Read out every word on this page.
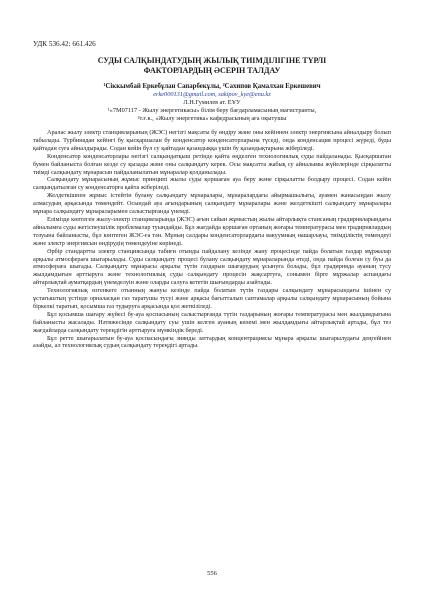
УДК 536.42: 661.426

СУДЫ САЛҚЫНДАТУДЫҢ ЖЫЛЫҚ ТИІМДІЛІГІНЕ ТҮРЛІ

ФАКТОРЛАРДЫҢ ӘСЕРІН ТАЛДАУ

¹Сіккымбай Еркебұлан Сапарбекұлы, ²Сахипов Қамалхан Еркешевич

erke000131@gmail.com, sakipov_kye@enu.kz

Л.Н.Гумилев ат. ЕҰУ

¹«7М07117 - Жылу энергетикасы» білім беру бағдарламасының магистранты,

²т.ғ.к., «Жылу энергетика» кафедрасының аға оқытушы

Аралас жылу электр станцияларының (ЖЭС) негізгі мақсаты бу өндіру және оны кейіннен электр энергиясына айналдыру болып табылады. Турбинадан кейінгі бу қысқаршалан бу конденсатор конденсаторларына түседі, онда конденсация процесі жүреді, буды қайтадан суға айналдырады. Содан кейін бүл су қайтадан қазандыққа үшін бу қазандықтарына жіберіледі.

Конденсатор конденсаторлары негізгі салқындатқыш ретінде қайта өңделген технологиялық суды пайдаланады. Қысқаршатан бумен байланыста болған кезде су қызады және оны салқындату керек. Осы мақсатта жабық су айналымы жүйелерінде сірқылатты тиімді салқындату мұнарасын пайдаланылатын мұнаралар қолданылады.

Салқындату мұнарасының жұмыс принципі жылы суды қоршаған ауа беру және сірқылатты болдыру процесі. Содан кейін салқындатылған су конденсаторға қайта жіберіледі.

Желдеткішпен жұмыс істейтін булану салқындату мұнаралары, мұнаралардағы айырмашылығы, ауамен жанасыңдан жылу алмасудың арқасында төмендейт. Осындай ауа ағындарының салқындату мұнаралары және желдеткішті салқындату мұнаралары мұнара салқындату мұнараларымен салыстырғанда үнемді.

Елімізде көптеген жылу-электр станцияларында (ЖЭС) ағын сайын жұмыстың жылы айтарлықта стансаның градирняларындағы айналымға суды жетіспеушілік проблемалар туындайды. Бұл жағдайда қоршаған ортаның жоғары температурасы мен градирнялардың тозуына байланысты, бұл көптеген ЖЭС-ға тән. Мұның салдары конденсаторлардағы вакуумның нашарлауы, тиімділіктің төмендеуі және электр энергиясын өндірудің төмендеуіне көрінеді.

Әрбір стандартты электр станциясында табиғи отынды пайдалану кезінде жану процесінде пайда болатын газдар мұржалар арқылы атмосфераға шығарылады. Суды салқындату процесі булану салқындату мұнараларында өтеді, онда пайда болған су буы да атмосфераға шығады. Салқындату мұнарасы арқылы түтін газдарын шығарудың ұсынуға болады, бұл градирняда ауаның тусу жылдамдығын арттыруға және технологиялық суды салқындату процесін жақсартуға, сонымен бірге мұржалар аспандағы айтарлықтай ауматқардың үнемделуін және оларды салуға кететін шығындарды азайтады.

Технологиялық өзгенкеге отынның жануы кезінде пайда болатын түтін газдары салқындату мұнарасындағы ішінен су ұстағыштың үстінде орналасқан газ таратушы тусуі және арқасы бағытталып саптамалар арқылы салқындату мұнарасының бойына біркелкі таратып, қосымша газ тудыруға арқасында қол жеткізіледі.

Бұл қосымша шағару жүйесі бу-ауа қоспасының салыстырғанда түтін газдарының жоғары температурасы мен жылдамдығына байланысты жасалады. Нәтижесінде салқындату суы ушін келген ауаның көлемі мен жылдамдығы айтарлықтай артады, бұл тез жағдайларда салқындату тереңдігін арттыруға мүмкіндік береді.

Бұл ретте шығарылатын бу-ауа қоспасындағы зиянды заттардың концентрациясы мұнара арқылы шығарылудағы деңгейінен азайды, ал технологиялық судың салқындату тереңдігі артады.

556
